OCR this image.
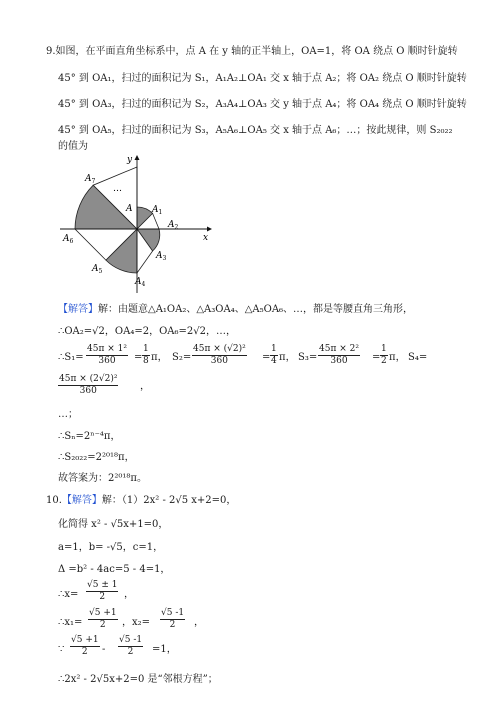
9.如图，在平面直角坐标系中，点 A 在 y 轴的正半轴上，OA=1，将 OA 绕点 O 顺时针旋转
45° 到 OA₁，扫过的面积记为 S₁，A₁A₂⊥OA₁ 交 x 轴于点 A₂；将 OA₂ 绕点 O 顺时针旋转
45° 到 OA₃，扫过的面积记为 S₂，A₃A₄⊥OA₃ 交 y 轴于点 A₄；将 OA₄ 绕点 O 顺时针旋转
45° 到 OA₅，扫过的面积记为 S₃，A₅A₆⊥OA₅ 交 x 轴于点 A₆；…；按此规律，则 S₂₀₂₂
的值为
y
x
A $A_1$
$A_2$
$A_3$
$A_4$
$A_5$
$A_6$
$A_7$
…
【解答】解：由题意△A₁OA₂、△A₃OA₄、△A₅OA₆、…，都是等腰直角三角形，
∴OA₂=√2，OA₄=2，OA₆=2√2，…，
∴S₁= $\frac{\text{45π × 1²}}{360} = \frac{1}{8}$ π， $S_2= \frac{\text{45π × (√2)²}}{360} = \frac{1}{4}$ π， $S_3= \frac{\text{45π × 2²}}{360} = \frac{1}{2}$ π， S₄=
$\frac{\text{45π × (2√2)²}}{360}$ ，
…；
∴Sₙ=2ⁿ⁻⁴π，
∴S₂₀₂₂=2²⁰¹⁸π，
故答案为：2²⁰¹⁸π。
10.【解答】解：（1）2x² - 2√5 x+2=0，
化简得 x² - √5x+1=0，
a=1，b= -√5，c=1，
Δ =b² - 4ac=5 - 4=1，
∴x= $\frac{√5 \pm 1}{2}$ ，
∴x₁= $\frac{√5 +1}{2}$ ，$x_2= \frac{√5 -1}{2}$ ，
∵ $\frac{√5 +1}{2} - \frac{√5 -1}{2} =1$，
∴2x² - 2√5x+2=0 是“邻根方程”；
